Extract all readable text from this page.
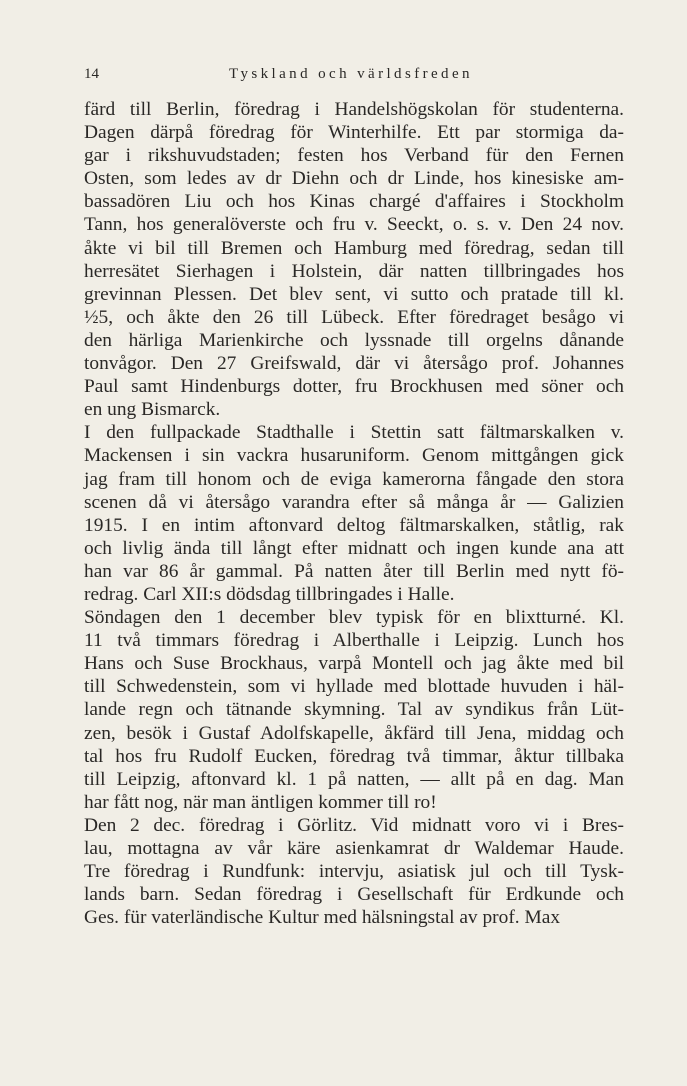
14	Tyskland och världsfreden
färd till Berlin, föredrag i Handelshögskolan för studenterna.
Dagen därpå föredrag för Winterhilfe. Ett par stormiga da-
gar i rikshuvudstaden; festen hos Verband für den Fernen
Osten, som ledes av dr Diehn och dr Linde, hos kinesiske am-
bassadören Liu och hos Kinas chargé d'affaires i Stockholm
Tann, hos generalöverste och fru v. Seeckt, o. s. v. Den 24 nov.
åkte vi bil till Bremen och Hamburg med föredrag, sedan till
herresätet Sierhagen i Holstein, där natten tillbringades hos
grevinnan Plessen. Det blev sent, vi sutto och pratade till kl.
½5, och åkte den 26 till Lübeck. Efter föredraget besågo vi
den härliga Marienkirche och lyssnade till orgelns dånande
tonvågor. Den 27 Greifswald, där vi återsågo prof. Johannes
Paul samt Hindenburgs dotter, fru Brockhusen med söner och
en ung Bismarck.
I den fullpackade Stadthalle i Stettin satt fältmarskalken v.
Mackensen i sin vackra husaruniform. Genom mittgången gick
jag fram till honom och de eviga kamerorna fångade den stora
scenen då vi återsågo varandra efter så många år — Galizien
1915. I en intim aftonvard deltog fältmarskalken, ståtlig, rak
och livlig ända till långt efter midnatt och ingen kunde ana att
han var 86 år gammal. På natten åter till Berlin med nytt fö-
redrag. Carl XII:s dödsdag tillbringades i Halle.
Söndagen den 1 december blev typisk för en blixtturné. Kl.
11 två timmars föredrag i Alberthalle i Leipzig. Lunch hos
Hans och Suse Brockhaus, varpå Montell och jag åkte med bil
till Schwedenstein, som vi hyllade med blottade huvuden i häl-
lande regn och tätnande skymning. Tal av syndikus från Lüt-
zen, besök i Gustaf Adolfskapelle, åkfärd till Jena, middag och
tal hos fru Rudolf Eucken, föredrag två timmar, åktur tillbaka
till Leipzig, aftonvard kl. 1 på natten, — allt på en dag. Man
har fått nog, när man äntligen kommer till ro!
Den 2 dec. föredrag i Görlitz. Vid midnatt voro vi i Bres-
lau, mottagna av vår käre asienkamrat dr Waldemar Haude.
Tre föredrag i Rundfunk: intervju, asiatisk jul och till Tysk-
lands barn. Sedan föredrag i Gesellschaft für Erdkunde och
Ges. für vaterländische Kultur med hälsningstal av prof. Max
